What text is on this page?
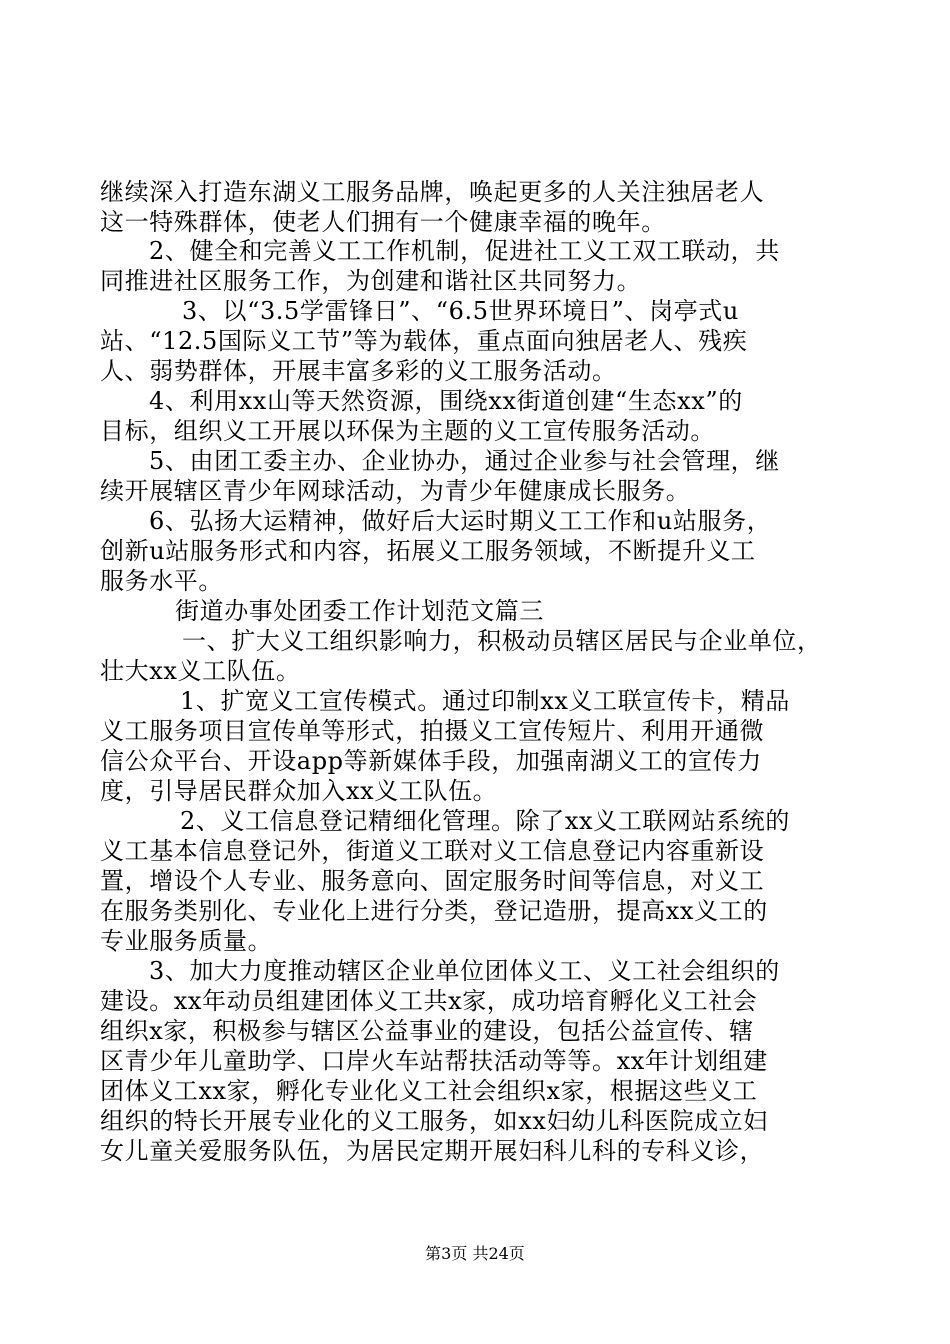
继续深入打造东湖义工服务品牌，唤起更多的人关注独居老人
这一特殊群体，使老人们拥有一个健康幸福的晚年。
2、健全和完善义工工作机制，促进社工义工双工联动，共
同推进社区服务工作，为创建和谐社区共同努力。
3、以“3.5学雷锋日”、“6.5世界环境日”、岗亭式u
站、“12.5国际义工节”等为载体，重点面向独居老人、残疾
人、弱势群体，开展丰富多彩的义工服务活动。
4、利用xx山等天然资源，围绕xx街道创建“生态xx”的
目标，组织义工开展以环保为主题的义工宣传服务活动。
5、由团工委主办、企业协办，通过企业参与社会管理，继
续开展辖区青少年网球活动，为青少年健康成长服务。
6、弘扬大运精神，做好后大运时期义工工作和u站服务，
创新u站服务形式和内容，拓展义工服务领域，不断提升义工
服务水平。
街道办事处团委工作计划范文篇三
一、扩大义工组织影响力，积极动员辖区居民与企业单位，
壮大xx义工队伍。
1、扩宽义工宣传模式。通过印制xx义工联宣传卡，精品
义工服务项目宣传单等形式，拍摄义工宣传短片、利用开通微
信公众平台、开设app等新媒体手段，加强南湖义工的宣传力
度，引导居民群众加入xx义工队伍。
2、义工信息登记精细化管理。除了xx义工联网站系统的
义工基本信息登记外，街道义工联对义工信息登记内容重新设
置，增设个人专业、服务意向、固定服务时间等信息，对义工
在服务类别化、专业化上进行分类，登记造册，提高xx义工的
专业服务质量。
3、加大力度推动辖区企业单位团体义工、义工社会组织的
建设。xx年动员组建团体义工共x家，成功培育孵化义工社会
组织x家，积极参与辖区公益事业的建设，包括公益宣传、辖
区青少年儿童助学、口岸火车站帮扶活动等等。xx年计划组建
团体义工xx家，孵化专业化义工社会组织x家，根据这些义工
组织的特长开展专业化的义工服务，如xx妇幼儿科医院成立妇
女儿童关爱服务队伍，为居民定期开展妇科儿科的专科义诊，
第3页 共24页
